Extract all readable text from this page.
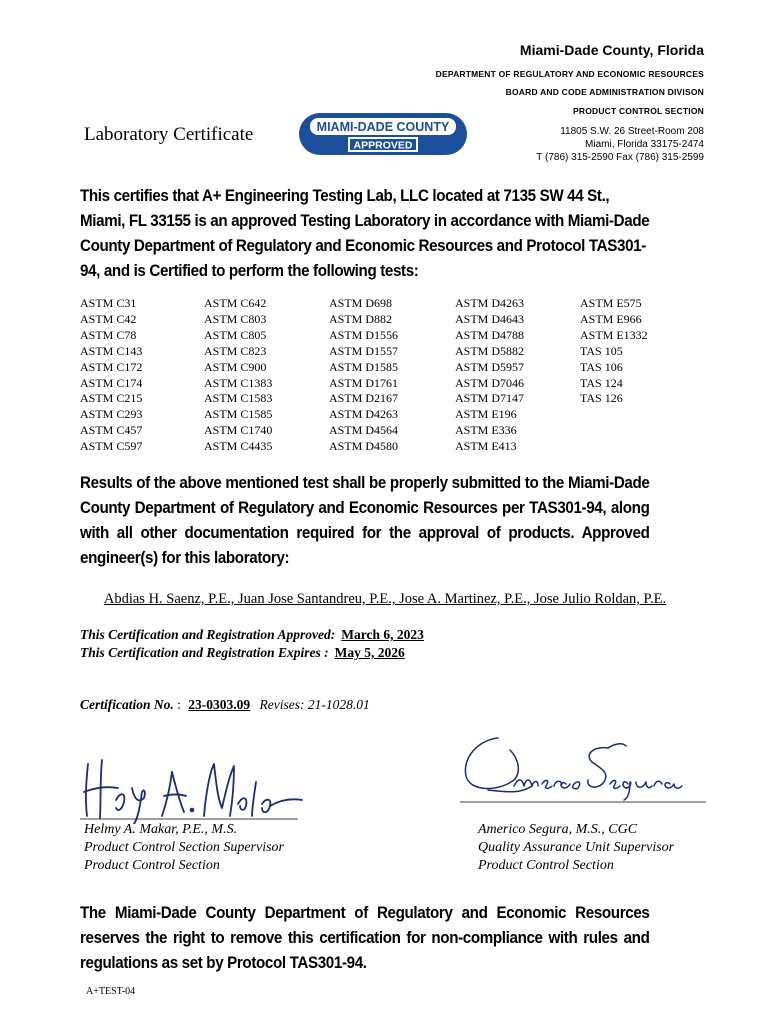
Miami-Dade County, Florida
DEPARTMENT OF REGULATORY AND ECONOMIC RESOURCES
BOARD AND CODE ADMINISTRATION DIVISON
PRODUCT CONTROL SECTION
11805 S.W. 26 Street-Room 208
Miami, Florida 33175-2474
T (786) 315-2590 Fax (786) 315-2599
Laboratory Certificate	MIAMI-DADE COUNTY
APPROVED
This certifies that A+ Engineering Testing Lab, LLC located at 7135 SW 44 St., Miami, FL 33155 is an approved Testing Laboratory in accordance with Miami-Dade County Department of Regulatory and Economic Resources and Protocol TAS301-94, and is Certified to perform the following tests:
ASTM C31
ASTM C42
ASTM C78
ASTM C143
ASTM C172
ASTM C174
ASTM C215
ASTM C293
ASTM C457
ASTM C597
ASTM C642
ASTM C803
ASTM C805
ASTM C823
ASTM C900
ASTM C1383
ASTM C1583
ASTM C1585
ASTM C1740
ASTM C4435
ASTM D698
ASTM D882
ASTM D1556
ASTM D1557
ASTM D1585
ASTM D1761
ASTM D2167
ASTM D4263
ASTM D4564
ASTM D4580
ASTM D4263
ASTM D4643
ASTM D4788
ASTM D5882
ASTM D5957
ASTM D7046
ASTM D7147
ASTM E196
ASTM E336
ASTM E413
ASTM E575
ASTM E966
ASTM E1332
TAS 105
TAS 106
TAS 124
TAS 126
Results of the above mentioned test shall be properly submitted to the Miami-Dade County Department of Regulatory and Economic Resources per TAS301-94, along with all other documentation required for the approval of products. Approved engineer(s) for this laboratory:
Abdias H. Saenz, P.E., Juan Jose Santandreu, P.E., Jose A. Martinez, P.E., Jose Julio Roldan, P.E.
This Certification and Registration Approved: March 6, 2023
This Certification and Registration Expires : May 5, 2026
Certification No. : 23-0303.09 Revises: 21-1028.01
Helmy A. Makar, P.E., M.S.
Product Control Section Supervisor
Product Control Section
Americo Segura, M.S., CGC
Quality Assurance Unit Supervisor
Product Control Section
The Miami-Dade County Department of Regulatory and Economic Resources reserves the right to remove this certification for non-compliance with rules and regulations as set by Protocol TAS301-94.
A+TEST-04
